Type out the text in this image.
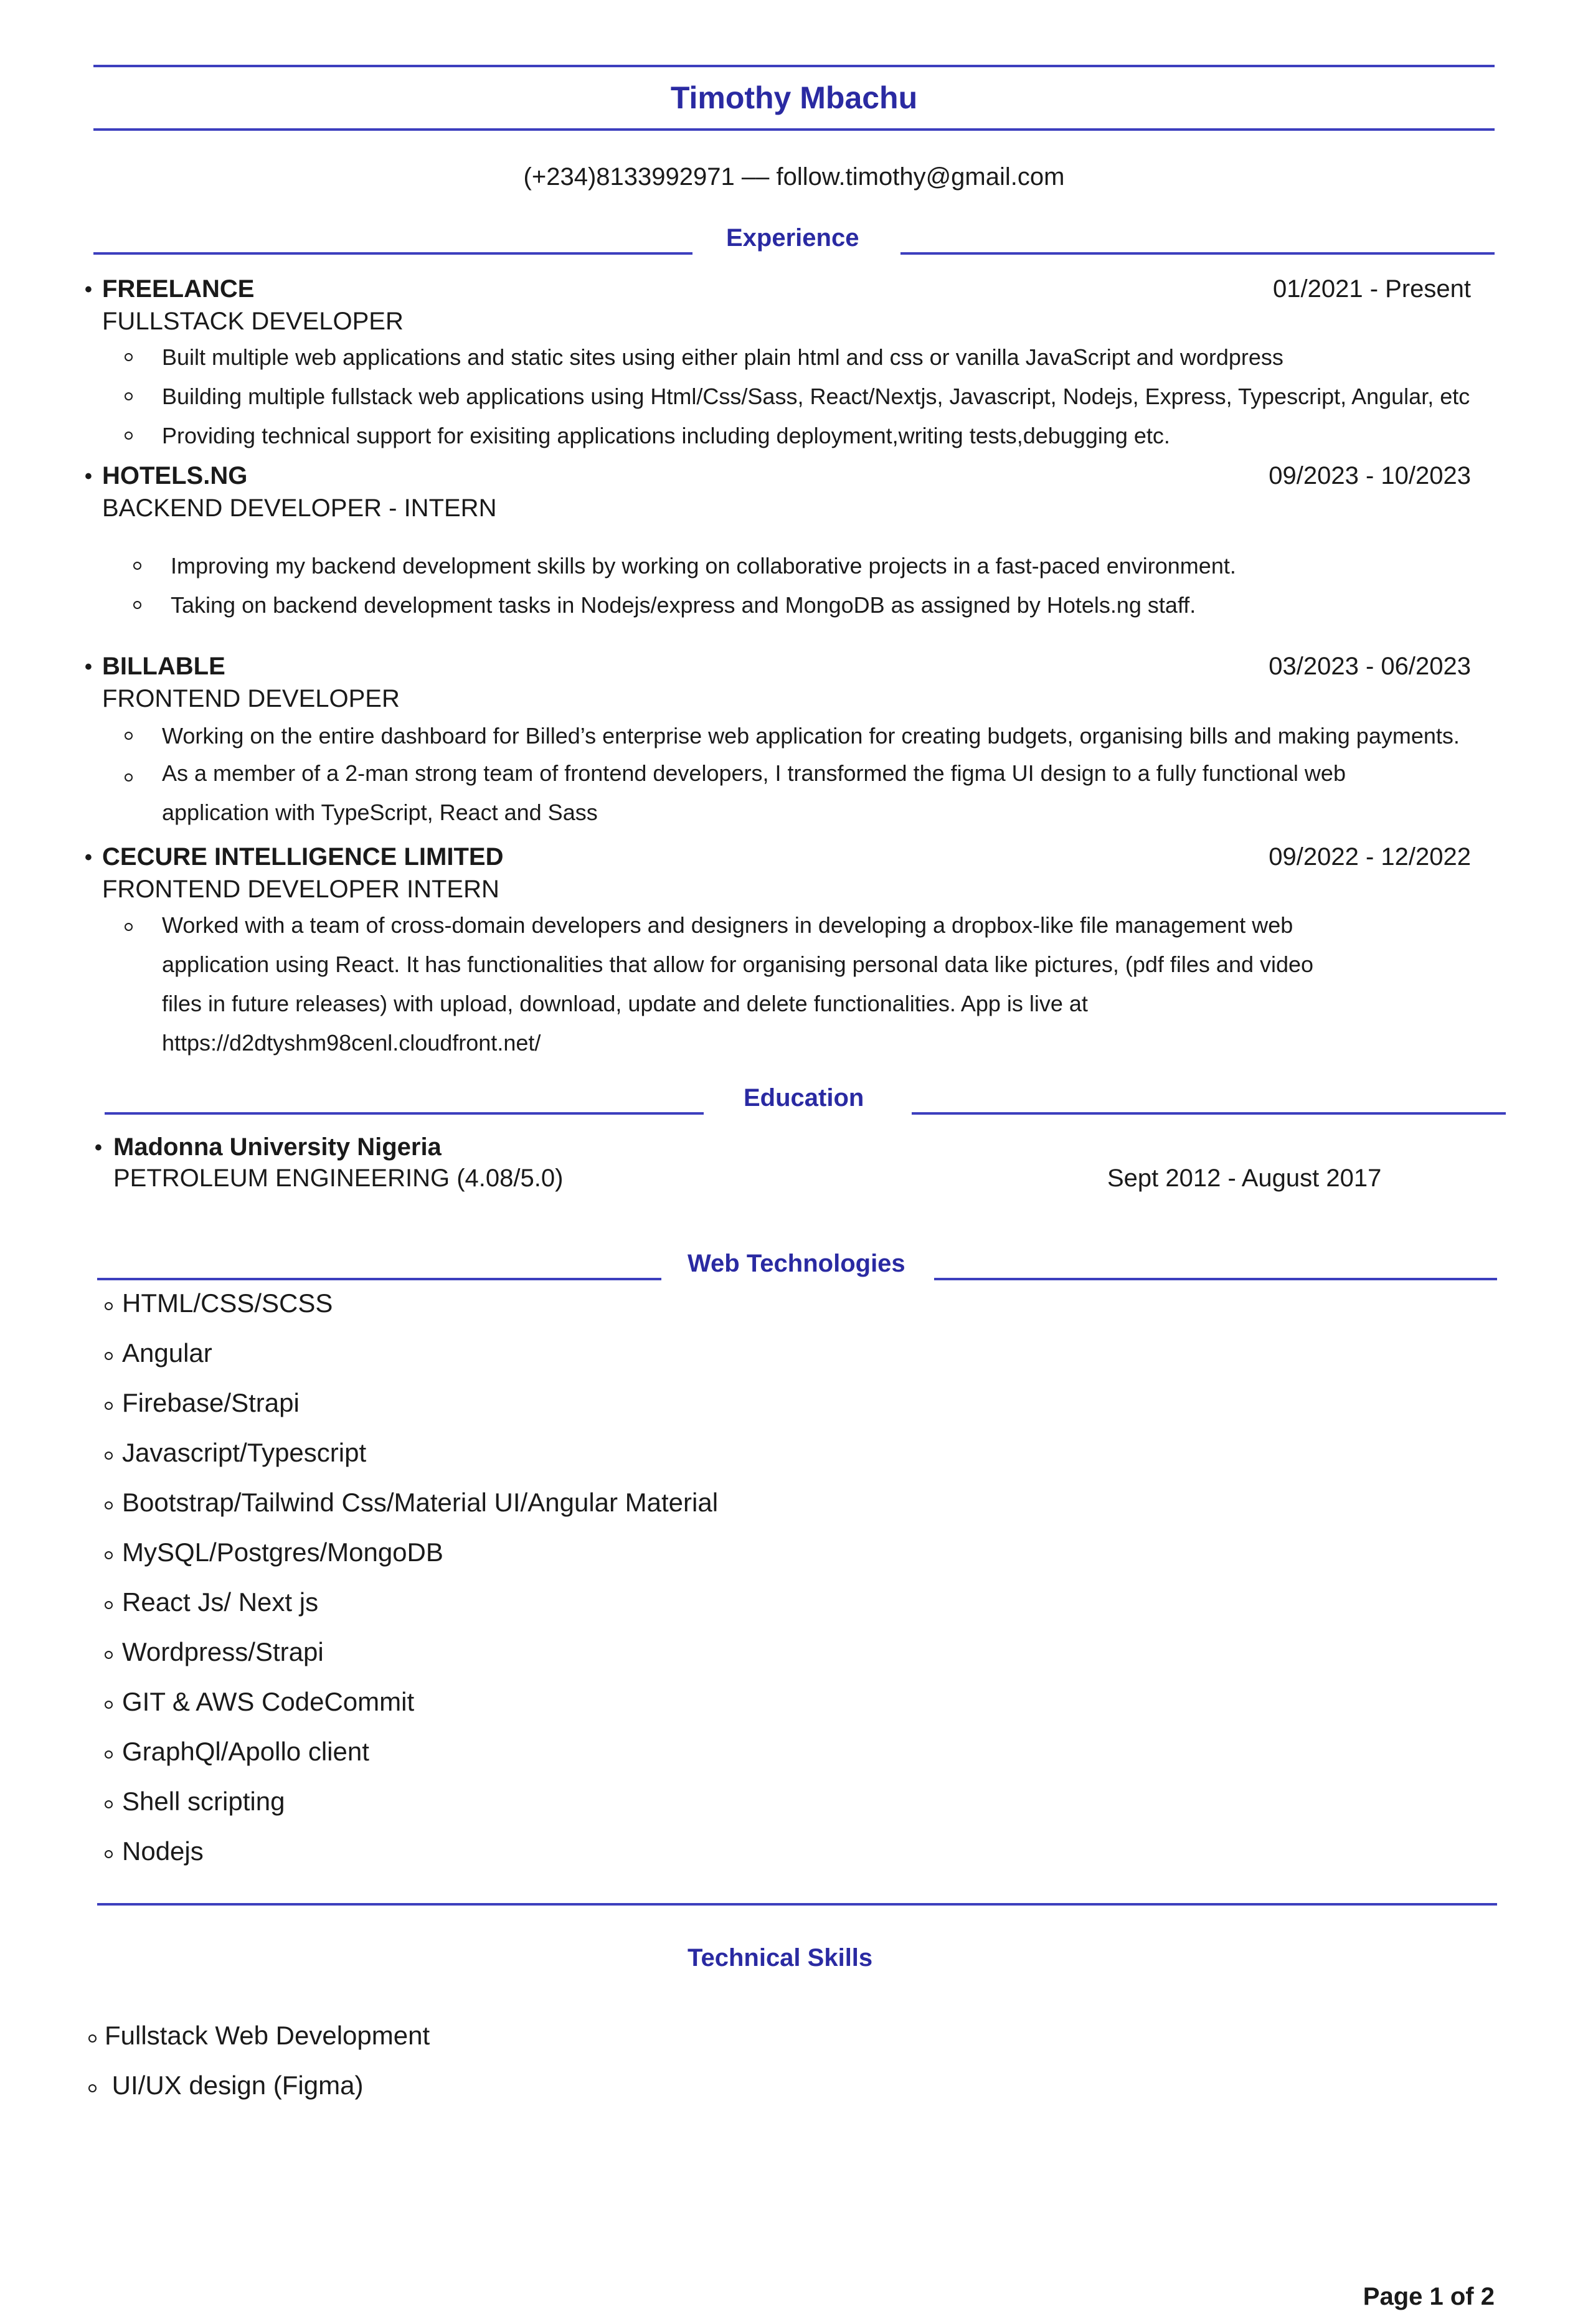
Timothy Mbachu
(+234)8133992971 –– follow.timothy@gmail.com
Experience
• FREELANCE	01/2021 - Present
FULLSTACK DEVELOPER
Built multiple web applications and static sites using either plain html and css or vanilla JavaScript and wordpress
Building multiple fullstack web applications using Html/Css/Sass, React/Nextjs, Javascript, Nodejs, Express, Typescript, Angular, etc
Providing technical support for exisiting applications including deployment,writing tests,debugging etc.
• HOTELS.NG	09/2023 - 10/2023
BACKEND DEVELOPER - INTERN
Improving my backend development skills by working on collaborative projects in a fast-paced environment.
Taking on backend development tasks in Nodejs/express and MongoDB as assigned by Hotels.ng staff.
• BILLABLE	03/2023 - 06/2023
FRONTEND DEVELOPER
Working on the entire dashboard for Billed’s enterprise web application for creating budgets, organising bills and making payments.
As a member of a 2-man strong team of frontend developers, I transformed the figma UI design to a fully functional web application with TypeScript, React and Sass
• CECURE INTELLIGENCE LIMITED	09/2022 - 12/2022
FRONTEND DEVELOPER INTERN
Worked with a team of cross-domain developers and designers in developing a dropbox-like file management web application using React. It has functionalities that allow for organising personal data like pictures, (pdf files and video files in future releases) with upload, download, update and delete functionalities. App is live at https://d2dtyshm98cenl.cloudfront.net/
Education
• Madonna University Nigeria
PETROLEUM ENGINEERING (4.08/5.0)	Sept 2012 - August 2017
Web Technologies
HTML/CSS/SCSS
Angular
Firebase/Strapi
Javascript/Typescript
Bootstrap/Tailwind Css/Material UI/Angular Material
MySQL/Postgres/MongoDB
React Js/ Next js
Wordpress/Strapi
GIT & AWS CodeCommit
GraphQl/Apollo client
Shell scripting
Nodejs
Technical Skills
Fullstack Web Development
UI/UX design (Figma)
Page 1 of 2
